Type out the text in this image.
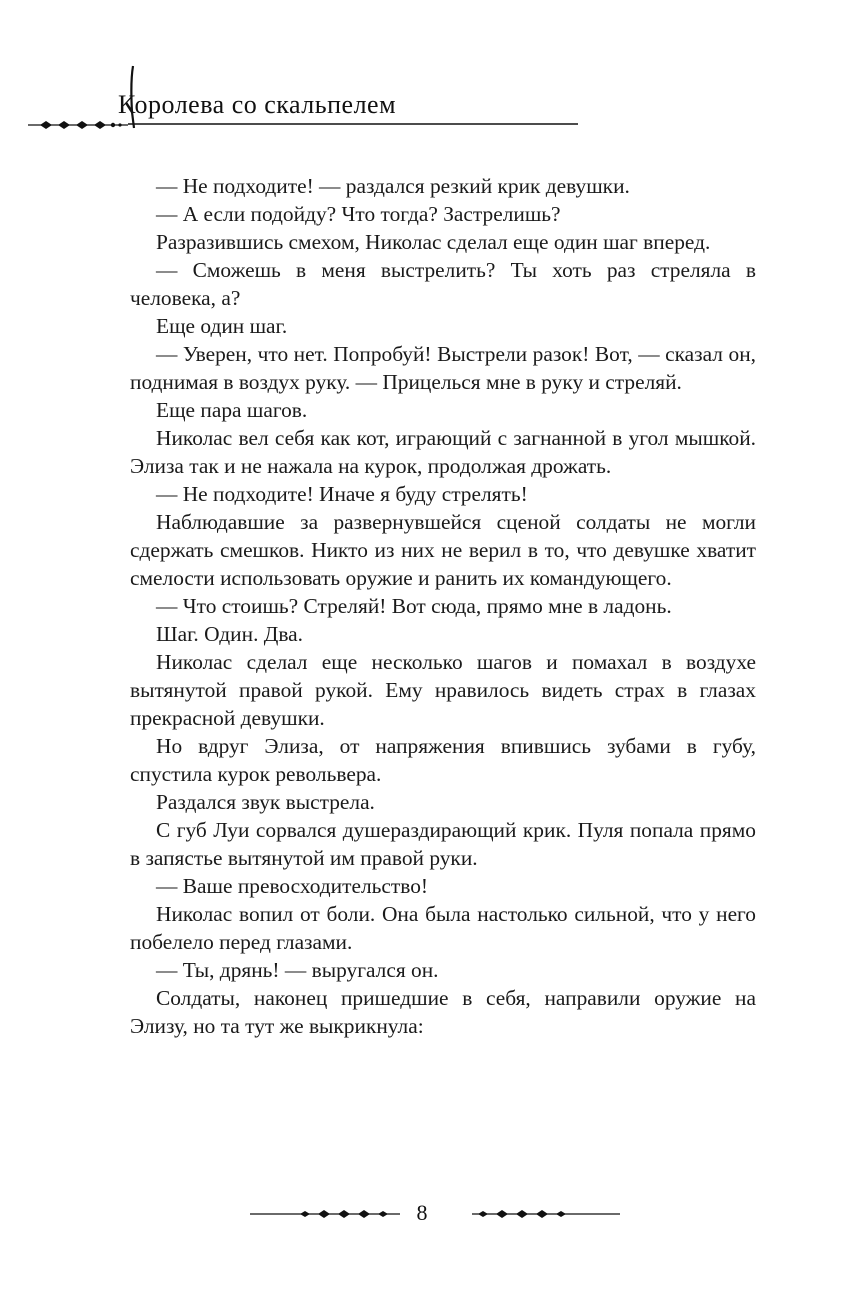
Королева со скальпелем

— Не подходите! — раздался резкий крик девушки.

— А если подойду? Что тогда? Застрелишь?

Разразившись смехом, Николас сделал еще один шаг вперед.

— Сможешь в меня выстрелить? Ты хоть раз стреляла в человека, а?

Еще один шаг.

— Уверен, что нет. Попробуй! Выстрели разок! Вот, — сказал он, поднимая в воздух руку. — Прицелься мне в руку и стреляй.

Еще пара шагов.

Николас вел себя как кот, играющий с загнанной в угол мышкой. Элиза так и не нажала на курок, продолжая дрожать.

— Не подходите! Иначе я буду стрелять!

Наблюдавшие за развернувшейся сценой солдаты не могли сдержать смешков. Никто из них не верил в то, что девушке хватит смелости использовать оружие и ранить их командующего.

— Что стоишь? Стреляй! Вот сюда, прямо мне в ладонь.

Шаг. Один. Два.

Николас сделал еще несколько шагов и помахал в воздухе вытянутой правой рукой. Ему нравилось видеть страх в глазах прекрасной девушки.

Но вдруг Элиза, от напряжения впившись зубами в губу, спустила курок револьвера.

Раздался звук выстрела.

С губ Луи сорвался душераздирающий крик. Пуля попала прямо в запястье вытянутой им правой руки.

— Ваше превосходительство!

Николас вопил от боли. Она была настолько сильной, что у него побелело перед глазами.

— Ты, дрянь! — выругался он.

Солдаты, наконец пришедшие в себя, направили оружие на Элизу, но та тут же выкрикнула:

8
